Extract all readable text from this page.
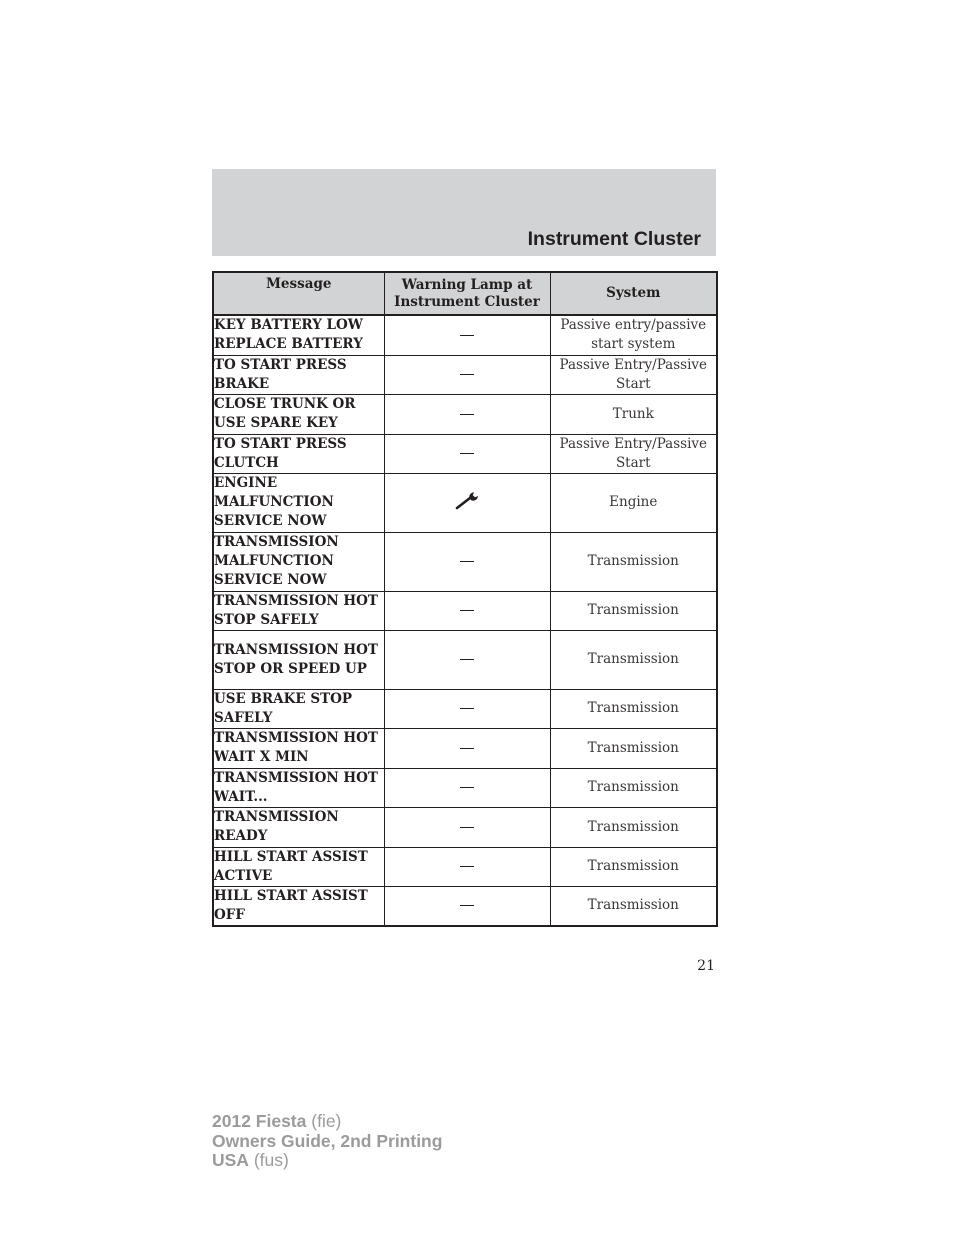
Instrument Cluster
Message	Warning Lamp at Instrument Cluster	System
KEY BATTERY LOW REPLACE BATTERY		Passive entry/passive start system
TO START PRESS BRAKE		Passive Entry/Passive Start
CLOSE TRUNK OR USE SPARE KEY		Trunk
TO START PRESS CLUTCH		Passive Entry/Passive Start
ENGINE MALFUNCTION SERVICE NOW		Engine
TRANSMISSION MALFUNCTION SERVICE NOW		Transmission
TRANSMISSION HOT STOP SAFELY		Transmission
TRANSMISSION HOT STOP OR SPEED UP		Transmission
USE BRAKE STOP SAFELY		Transmission
TRANSMISSION HOT WAIT X MIN		Transmission
TRANSMISSION HOT WAIT...		Transmission
TRANSMISSION READY		Transmission
HILL START ASSIST ACTIVE		Transmission
HILL START ASSIST OFF		Transmission
21
2012 Fiesta (fie)
Owners Guide, 2nd Printing
USA (fus)
